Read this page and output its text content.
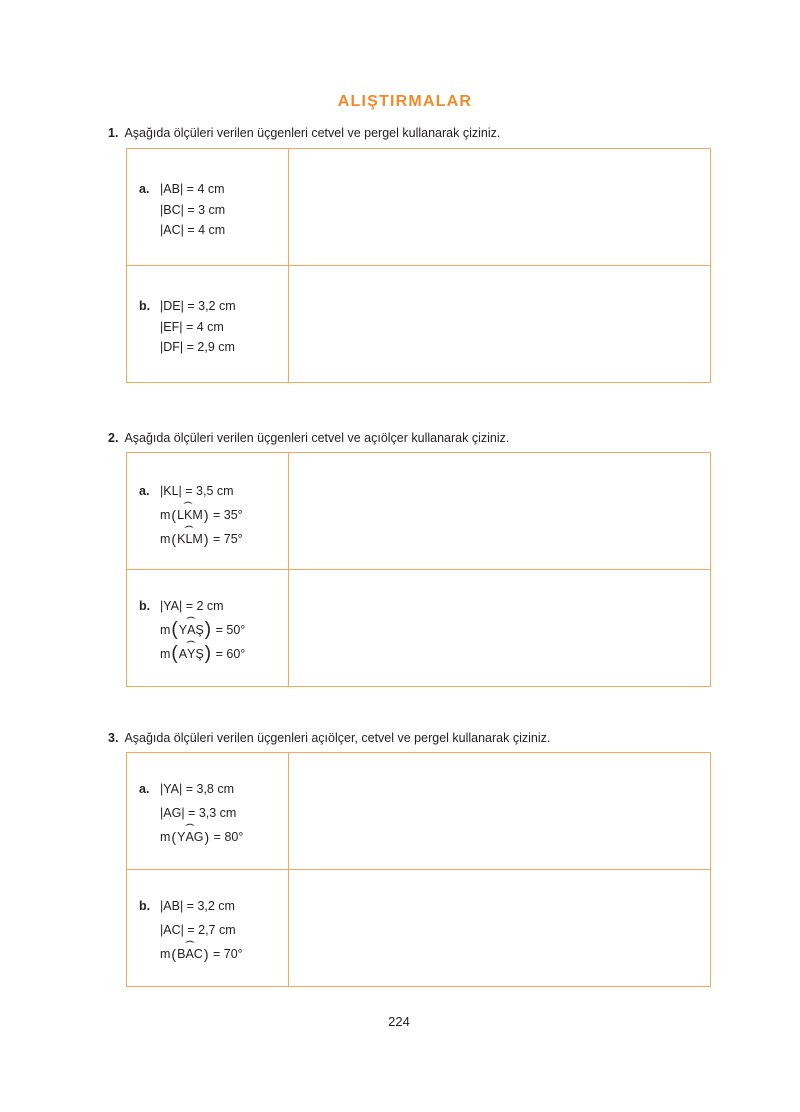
ALIŞTIRMALAR
1. Aşağıda ölçüleri verilen üçgenleri cetvel ve pergel kullanarak çiziniz.
a.	| AB |
= 4 cm
| BC |
= 3 cm
| AC |
= 4 cm
b.	| DE |
= 3,2 cm
| EF |
= 4 cm
| DF |
= 2,9 cm
2. Aşağıda ölçüleri verilen üçgenleri cetvel ve açıölçer kullanarak çiziniz.
a.	| KL |
= 3,5 cm
m ( L ˆ K M )
= 35°
m ( K ˆ L M )
= 75°
b.	| YA |
= 2 cm
m ( Y ˆ A Ş )
= 50°
m ( A ˆ Y Ş )
= 60°
3. Aşağıda ölçüleri verilen üçgenleri açıölçer, cetvel ve pergel kullanarak çiziniz.
a.	| YA |
= 3,8 cm
| AG |
= 3,3 cm
m ( Y ˆ A G )
= 80°
b.	| AB |
= 3,2 cm
| AC |
= 2,7 cm
m ( B ˆ A C )
= 70°
224
